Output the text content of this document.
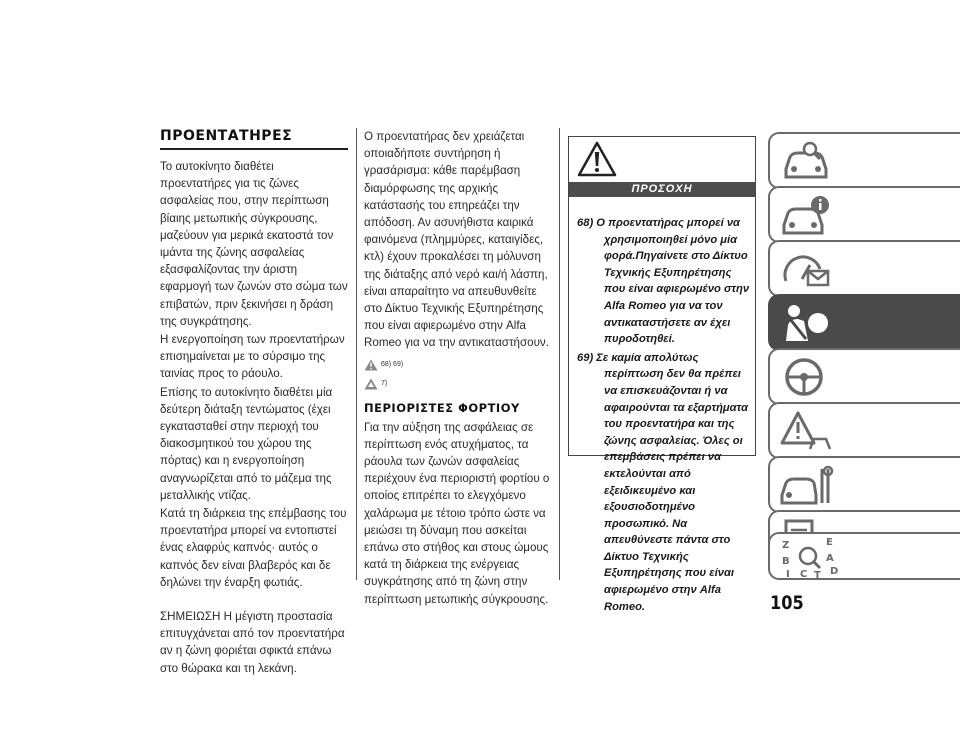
ΠΡΟΕΝΤΑΤΗΡΕΣ

Το αυτοκίνητο διαθέτει προεντατήρες για τις ζώνες ασφαλείας που, στην περίπτωση βίαιης μετωπικής σύγκρουσης, μαζεύουν για μερικά εκατοστά τον ιμάντα της ζώνης ασφαλείας εξασφαλίζοντας την άριστη εφαρμογή των ζωνών στο σώμα των επιβατών, πριν ξεκινήσει η δράση της συγκράτησης.

Η ενεργοποίηση των προεντατήρων επισημαίνεται με το σύρσιμο της ταινίας προς το ράουλο.

Επίσης το αυτοκίνητο διαθέτει μία δεύτερη διάταξη τεντώματος (έχει εγκατασταθεί στην περιοχή του διακοσμητικού του χώρου της πόρτας) και η ενεργοποίηση αναγνωρίζεται από το μάζεμα της μεταλλικής ντίζας.

Κατά τη διάρκεια της επέμβασης του προεντατήρα μπορεί να εντοπιστεί ένας ελαφρύς καπνός· αυτός ο καπνός δεν είναι βλαβερός και δε δηλώνει την έναρξη φωτιάς.

ΣΗΜΕΙΩΣΗ Η μέγιστη προστασία επιτυγχάνεται από τον προεντατήρα αν η ζώνη φοριέται σφικτά επάνω στο θώρακα και τη λεκάνη.

Ο προεντατήρας δεν χρειάζεται οποιαδήποτε συντήρηση ή γρασάρισμα: κάθε παρέμβαση διαμόρφωσης της αρχικής κατάστασής του επηρεάζει την απόδοση. Αν ασυνήθιστα καιρικά φαινόμενα (πλημμύρες, καταιγίδες, κτλ) έχουν προκαλέσει τη μόλυνση της διάταξης από νερό και/ή λάσπη, είναι απαραίτητο να απευθυνθείτε στο Δίκτυο Τεχνικής Εξυπηρέτησης που είναι αφιερωμένο στην Alfa Romeo για να την αντικαταστήσουν.

68) 69)
7)
ΠΕΡΙΟΡΙΣΤΕΣ ΦΟΡΤΙΟΥ

Για την αύξηση της ασφάλειας σε περίπτωση ενός ατυχήματος, τα ράουλα των ζωνών ασφαλείας περιέχουν ένα περιοριστή φορτίου ο οποίος επιτρέπει το ελεγχόμενο χαλάρωμα με τέτοιο τρόπο ώστε να μειώσει τη δύναμη που ασκείται επάνω στο στήθος και στους ώμους κατά τη διάρκεια της ενέργειας συγκράτησης από τη ζώνη στην περίπτωση μετωπικής σύγκρουσης.

ΠΡΟΣΟΧΗ

68) Ο προεντατήρας μπορεί να χρησιμοποιηθεί μόνο μία φορά.Πηγαίνετε στο Δίκτυο Τεχνικής Εξυπηρέτησης που είναι αφιερωμένο στην Alfa Romeo για να τον αντικαταστήσετε αν έχει πυροδοτηθεί.

69) Σε καμία απολύτως περίπτωση δεν θα πρέπει να επισκευάζονται ή να αφαιρούνται τα εξαρτήματα του προεντατήρα και της ζώνης ασφαλείας. Όλες οι επεμβάσεις πρέπει να εκτελούνται από εξειδικευμένο και εξουσιοδοτημένο προσωπικό. Να απευθύνεστε πάντα στο Δίκτυο Τεχνικής Εξυπηρέτησης που είναι αφιερωμένο στην Alfa Romeo.

Z	E
A
B
I C T D
105
